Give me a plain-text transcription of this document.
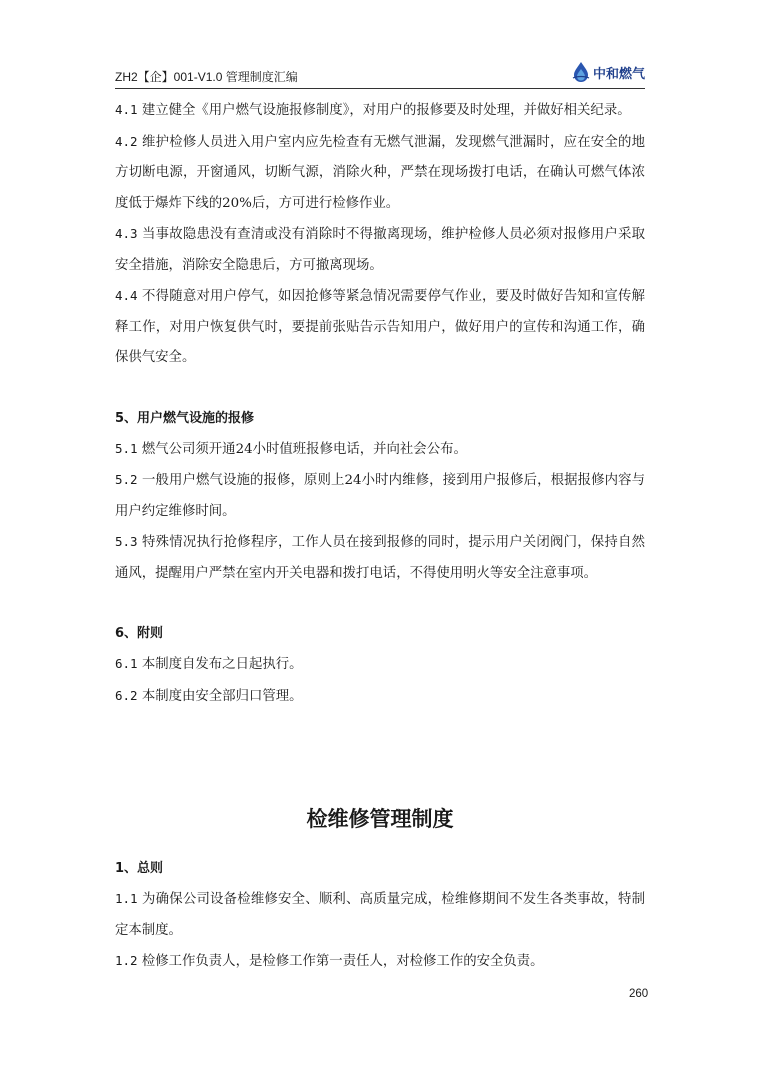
ZH2【企】001-V1.0 管理制度汇编	中和燃气

4.1 建立健全《用户燃气设施报修制度》，对用户的报修要及时处理，并做好相关纪录。

4.2 维护检修人员进入用户室内应先检查有无燃气泄漏，发现燃气泄漏时，应在安全的地方切断电源，开窗通风，切断气源，消除火种，严禁在现场拨打电话，在确认可燃气体浓度低于爆炸下线的20%后，方可进行检修作业。

4.3 当事故隐患没有查清或没有消除时不得撤离现场，维护检修人员必须对报修用户采取安全措施，消除安全隐患后，方可撤离现场。

4.4 不得随意对用户停气，如因抢修等紧急情况需要停气作业，要及时做好告知和宣传解释工作，对用户恢复供气时，要提前张贴告示告知用户，做好用户的宣传和沟通工作，确保供气安全。

5、用户燃气设施的报修

5.1 燃气公司须开通24小时值班报修电话，并向社会公布。

5.2 一般用户燃气设施的报修，原则上24小时内维修，接到用户报修后，根据报修内容与用户约定维修时间。

5.3 特殊情况执行抢修程序，工作人员在接到报修的同时，提示用户关闭阀门，保持自然通风，提醒用户严禁在室内开关电器和拨打电话，不得使用明火等安全注意事项。

6、附则

6.1 本制度自发布之日起执行。

6.2 本制度由安全部归口管理。

检维修管理制度

1、总则

1.1 为确保公司设备检维修安全、顺利、高质量完成，检维修期间不发生各类事故，特制定本制度。

1.2 检修工作负责人，是检修工作第一责任人，对检修工作的安全负责。

260
